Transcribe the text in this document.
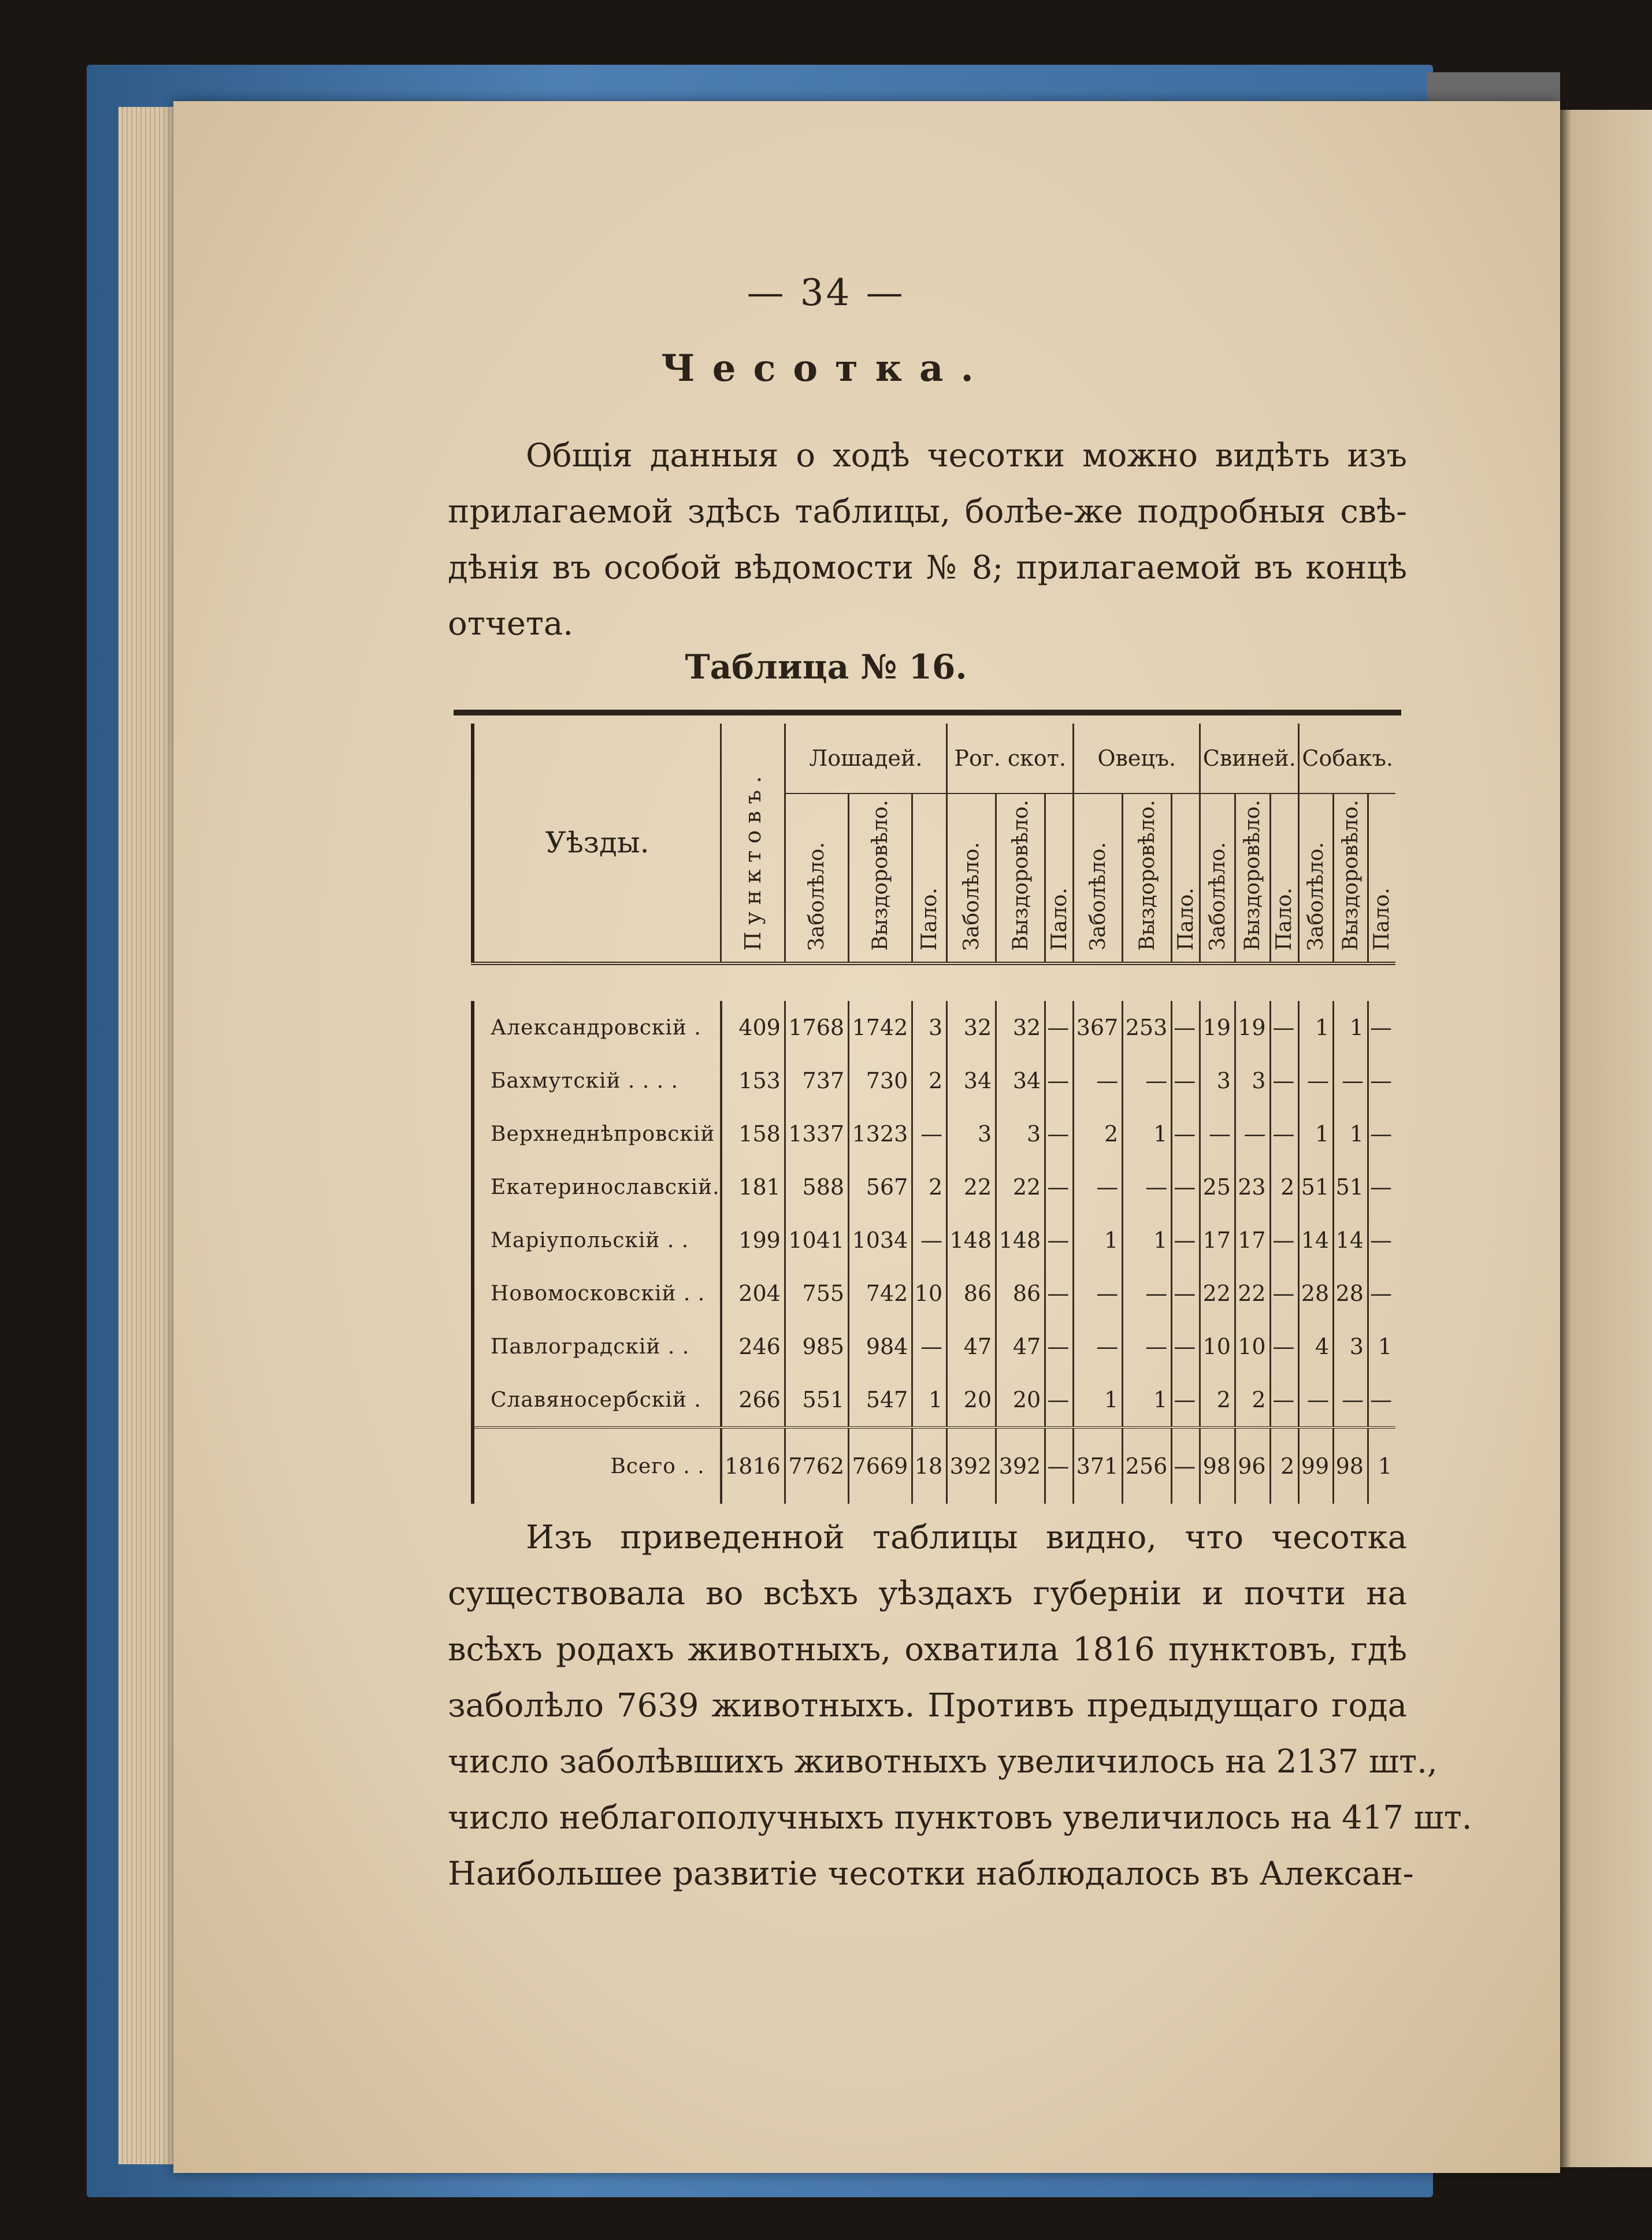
— 34 —
Чесотка.
Общія данныя о ходѣ чесотки можно видѣть изъ
прилагаемой здѣсь таблицы, болѣе-же подробныя свѣ-
дѣнія въ особой вѣдомости № 8; прилагаемой въ концѣ
отчета.
Таблица № 16.
Уѣзды.	Пунктовъ.	Лошадей.			Рог. скот.			Овецъ.			Свиней.			Собакъ.		
		Заболѣло.	Выздоровѣло.	Пало.	Заболѣло.	Выздоровѣло.	Пало.	Заболѣло.	Выздоровѣло.	Пало.	Заболѣло.	Выздоровѣло.	Пало.	Заболѣло.	Выздоровѣло.	Пало.

Александровскій .	409	1768	1742	3	32	32	—	367	253	—	19	19	—	1	1	—
Бахмутскій . . . .	153	737	730	2	34	34	—	—	—	—	3	3	—	—	—	—
Верхнеднѣпровскій	158	1337	1323	—	3	3	—	2	1	—	—	—	—	1	1	—
Екатеринославскій.	181	588	567	2	22	22	—	—	—	—	25	23	2	51	51	—
Маріупольскій . .	199	1041	1034	—	148	148	—	1	1	—	17	17	—	14	14	—
Новомосковскій . .	204	755	742	10	86	86	—	—	—	—	22	22	—	28	28	—
Павлоградскій . .	246	985	984	—	47	47	—	—	—	—	10	10	—	4	3	1
Славяносербскій .	266	551	547	1	20	20	—	1	1	—	2	2	—	—	—	—
Всего . .	1816	7762	7669	18	392	392	—	371	256	—	98	96	2	99	98	1
Изъ приведенной таблицы видно, что чесотка
существовала во всѣхъ уѣздахъ губерніи и почти на
всѣхъ родахъ животныхъ, охватила 1816 пунктовъ, гдѣ
заболѣло 7639 животныхъ. Противъ предыдущаго года
число заболѣвшихъ животныхъ увеличилось на 2137 шт.,
число неблагополучныхъ пунктовъ увеличилось на 417 шт.
Наибольшее развитіе чесотки наблюдалось въ Алексан-
